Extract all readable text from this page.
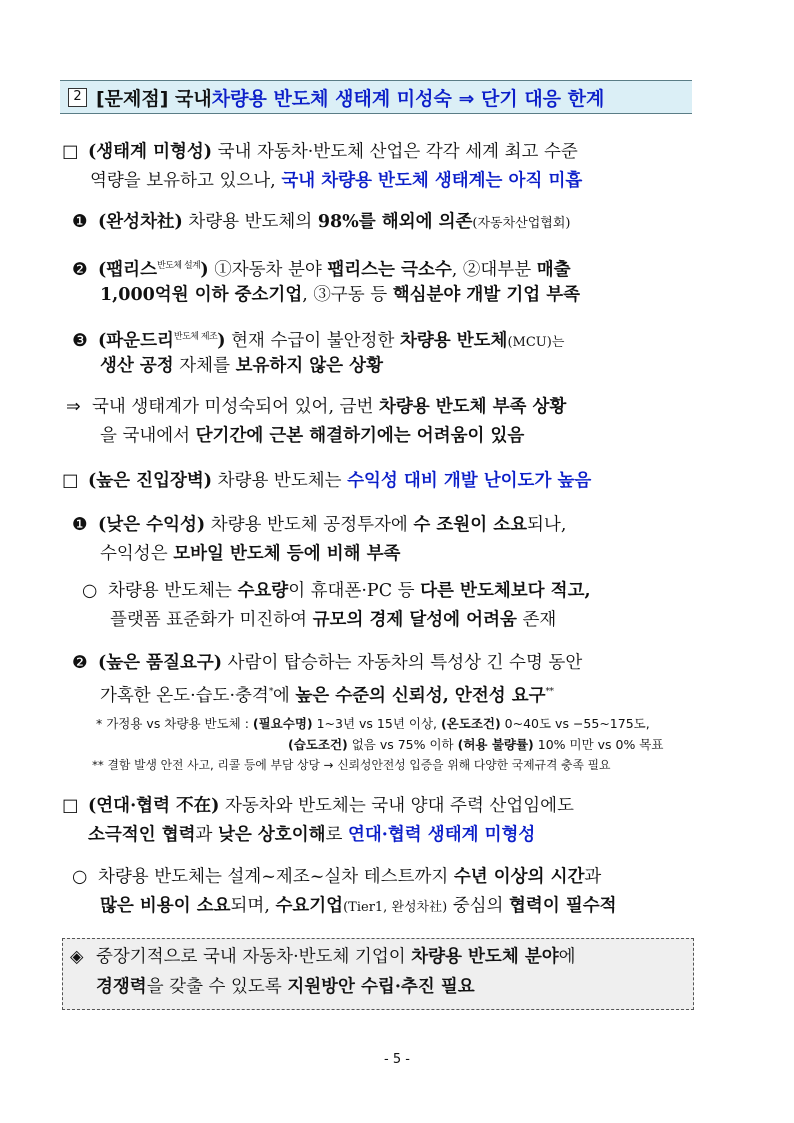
2 [문제점] 국내 차량용 반도체 생태계 미성숙 ⇒ 단기 대응 한계
□ (생태계 미형성) 국내 자동차·반도체 산업은 각각 세계 최고 수준
역량을 보유하고 있으나, 국내 차량용 반도체 생태계는 아직 미흡
❶ (완성차社) 차량용 반도체의 98%를 해외에 의존(자동차산업협회)
❷ (팹리스$^{반도체 설계}$) ①자동차 분야 팹리스는 극소수, ②대부분 매출
1,000억원 이하 중소기업, ③구동 등 핵심분야 개발 기업 부족
❸ (파운드리$^{반도체 제조}$) 현재 수급이 불안정한 차량용 반도체(MCU)는
생산 공정 자체를 보유하지 않은 상황
⇒ 국내 생태계가 미성숙되어 있어, 금번 차량용 반도체 부족 상황
을 국내에서 단기간에 근본 해결하기에는 어려움이 있음
□ (높은 진입장벽) 차량용 반도체는 수익성 대비 개발 난이도가 높음
❶ (낮은 수익성) 차량용 반도체 공정투자에 수 조원이 소요되나,
수익성은 모바일 반도체 등에 비해 부족
○ 차량용 반도체는 수요량이 휴대폰·PC 등 다른 반도체보다 적고,
플랫폼 표준화가 미진하여 규모의 경제 달성에 어려움 존재
❷ (높은 품질요구) 사람이 탑승하는 자동차의 특성상 긴 수명 동안
가혹한 온도·습도·충격*에 높은 수준의 신뢰성, 안전성 요구**
* 가정용 vs 차량용 반도체 : (필요수명) 1~3년 vs 15년 이상, (온도조건) 0~40도 vs −55~175도,
(습도조건) 없음 vs 75% 이하 (허용 불량률) 10% 미만 vs 0% 목표
** 결함 발생 안전 사고, 리콜 등에 부담 상당 → 신뢰성안전성 입증을 위해 다양한 국제규격 충족 필요
□ (연대·협력 不在) 자동차와 반도체는 국내 양대 주력 산업임에도
소극적인 협력과 낮은 상호이해로 연대·협력 생태계 미형성
○ 차량용 반도체는 설계~제조~실차 테스트까지 수년 이상의 시간과
많은 비용이 소요되며, 수요기업(Tier1, 완성차社) 중심의 협력이 필수적
◈ 중장기적으로 국내 자동차·반도체 기업이 차량용 반도체 분야에
경쟁력을 갖출 수 있도록 지원방안 수립·추진 필요
- 5 -
